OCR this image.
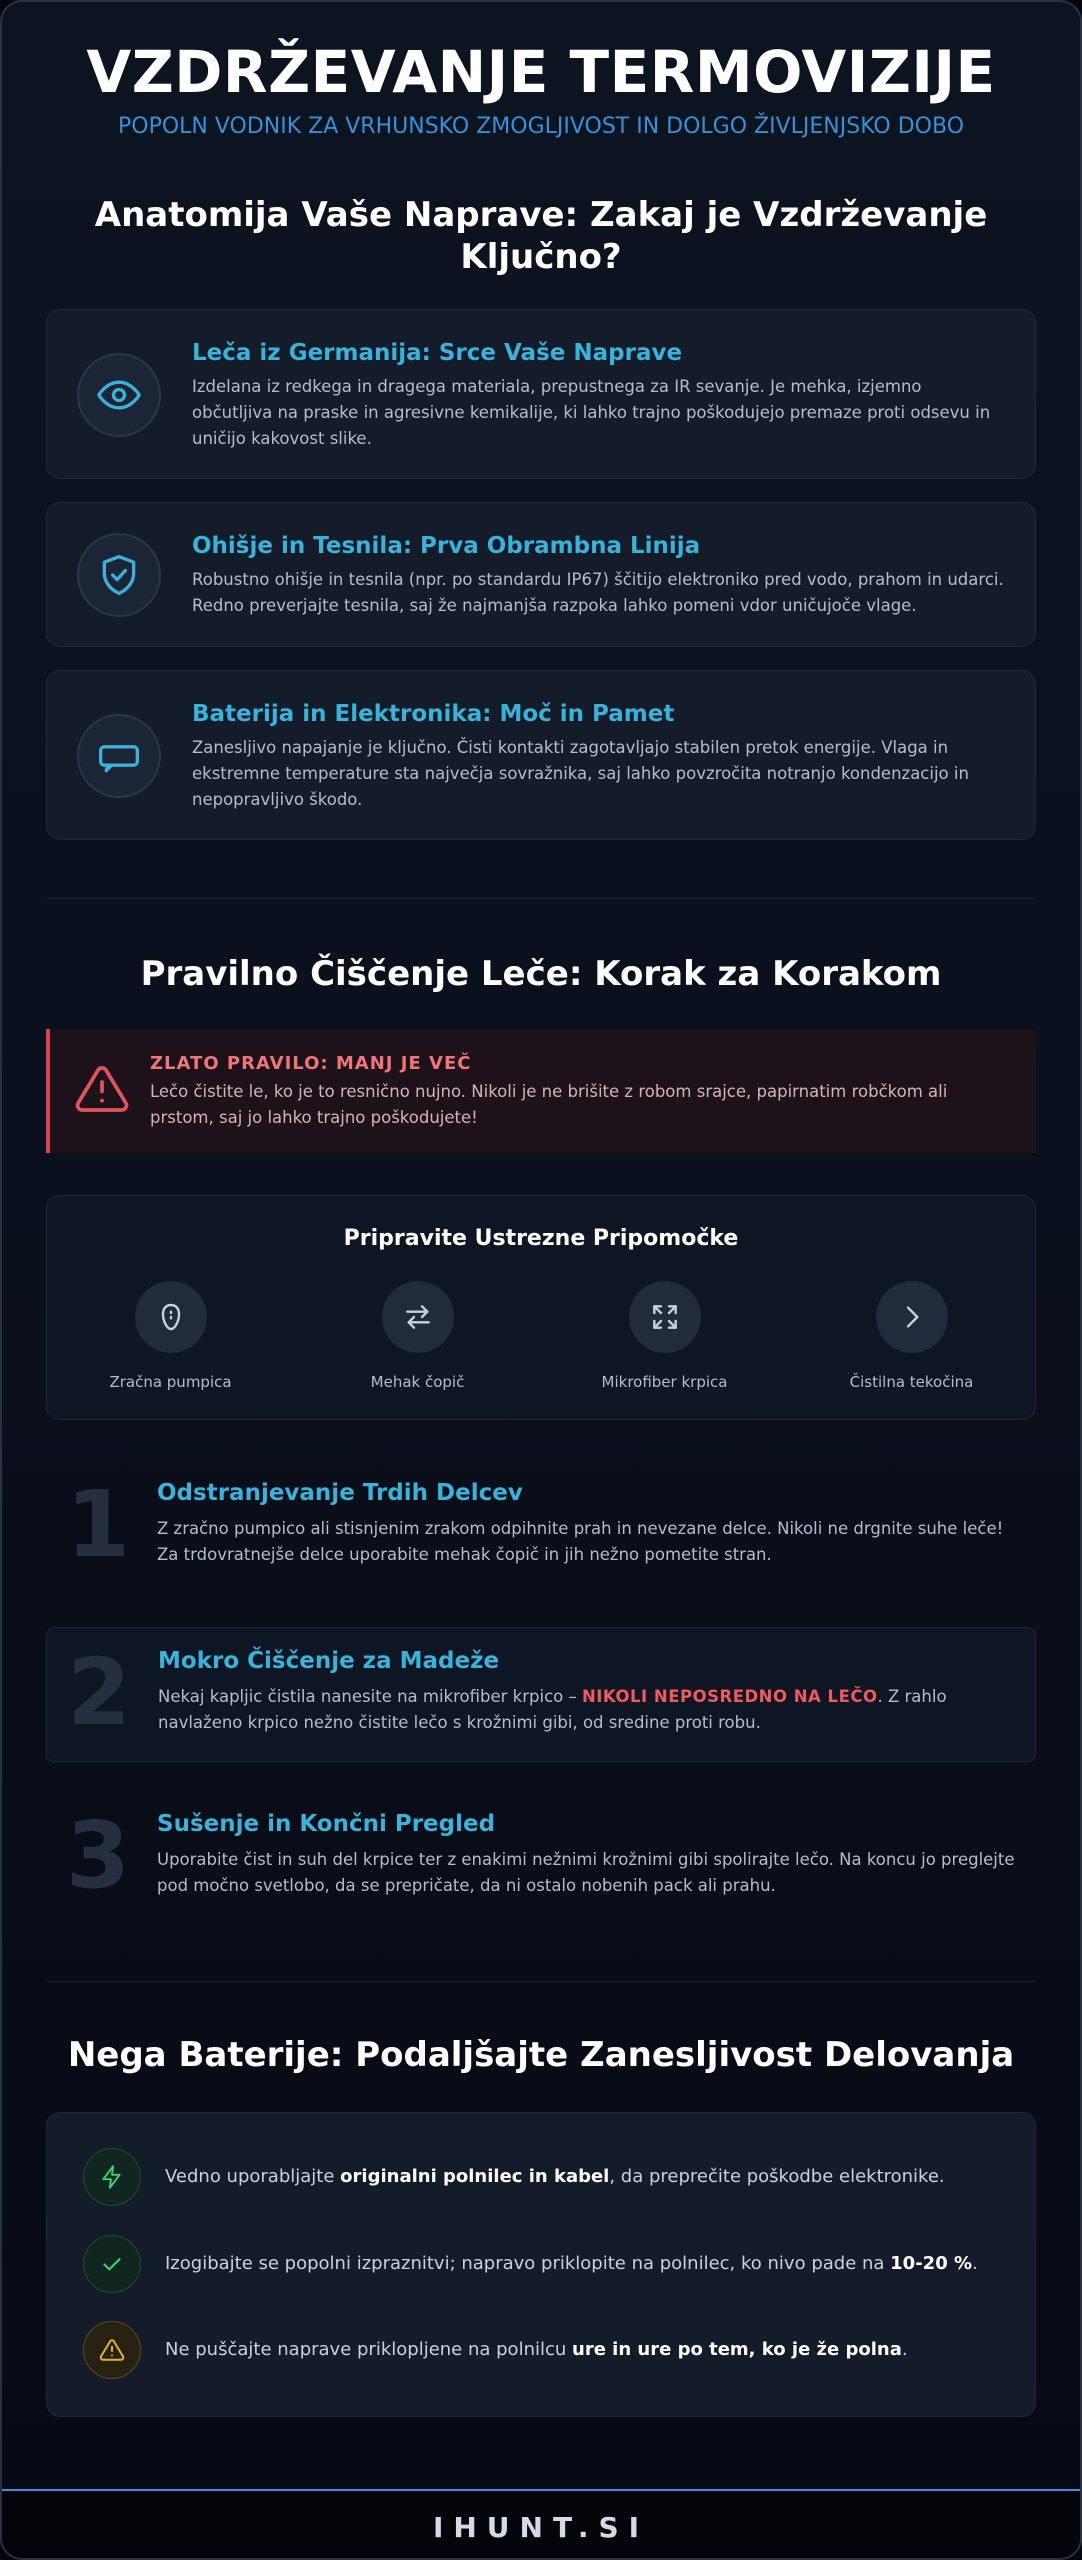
VZDRŽEVANJE TERMOVIZIJE
POPOLN VODNIK ZA VRHUNSKO ZMOGLJIVOST IN DOLGO ŽIVLJENJSKO DOBO
Anatomija Vaše Naprave: Zakaj je Vzdrževanje Ključno?
Leča iz Germanija: Srce Vaše Naprave
Izdelana iz redkega in dragega materiala, prepustnega za IR sevanje. Je mehka, izjemno občutljiva na praske in agresivne kemikalije, ki lahko trajno poškodujejo premaze proti odsevu in uničijo kakovost slike.
Ohišje in Tesnila: Prva Obrambna Linija
Robustno ohišje in tesnila (npr. po standardu IP67) ščitijo elektroniko pred vodo, prahom in udarci. Redno preverjajte tesnila, saj že najmanjša razpoka lahko pomeni vdor uničujoče vlage.
Baterija in Elektronika: Moč in Pamet
Zanesljivo napajanje je ključno. Čisti kontakti zagotavljajo stabilen pretok energije. Vlaga in ekstremne temperature sta največja sovražnika, saj lahko povzročita notranjo kondenzacijo in nepopravljivo škodo.
Pravilno Čiščenje Leče: Korak za Korakom
ZLATO PRAVILO: MANJ JE VEČ
Lečo čistite le, ko je to resnično nujno. Nikoli je ne brišite z robom srajce, papirnatim robčkom ali prstom, saj jo lahko trajno poškodujete!
Pripravite Ustrezne Pripomočke
Zračna pumpica	Mehak čopič	Mikrofiber krpica	Čistilna tekočina
1 Odstranjevanje Trdih Delcev
Z zračno pumpico ali stisnjenim zrakom odpihnite prah in nevezane delce. Nikoli ne drgnite suhe leče! Za trdovratnejše delce uporabite mehak čopič in jih nežno pometite stran.
2 Mokro Čiščenje za Madeže
Nekaj kapljic čistila nanesite na mikrofiber krpico – NIKOLI NEPOSREDNO NA LEČO. Z rahlo navlaženo krpico nežno čistite lečo s krožnimi gibi, od sredine proti robu.
3 Sušenje in Končni Pregled
Uporabite čist in suh del krpice ter z enakimi nežnimi krožnimi gibi spolirajte lečo. Na koncu jo preglejte pod močno svetlobo, da se prepričate, da ni ostalo nobenih pack ali prahu.
Nega Baterije: Podaljšajte Zanesljivost Delovanja
Vedno uporabljajte originalni polnilec in kabel, da preprečite poškodbe elektronike.
Izogibajte se popolni izpraznitvi; napravo priklopite na polnilec, ko nivo pade na 10-20 %.
Ne puščajte naprave priklopljene na polnilcu ure in ure po tem, ko je že polna.
IHUNT.SI
